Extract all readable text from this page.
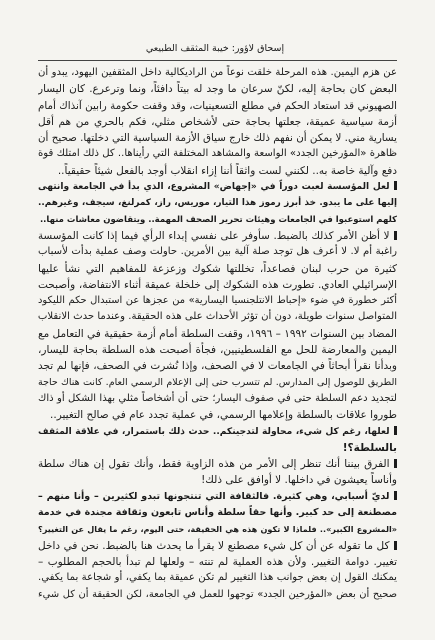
إسحاق لاؤور: خيبة المثقف الطبيعي
عن هزم اليمين. هذه المرحلة خلقت نوعاً من الراديكالية داخل المثقفين اليهود، يبدو أن
البعض كان بحاجة إليه، لكنّ سرعان ما وجد له بيتاً دافئاً، ونما وترعرع. كان اليسار
الصهيوني قد استعاد الحكم في مطلع التسعينيات، وقد وقفت حكومة رابين آنذاك أمام
أزمة سياسية عميقة، جعلتها بحاجة حتى لأشخاص مثلي، فكم بالحري من هم أقل
يسارية مني. لا يمكن أن نفهم ذلك خارج سياق الأزمة السياسية التي دخلتها. صحيح أن
ظاهرة «المؤرخين الجدد» الواسعة والمشاهد المختلفة التي رأيناها.. كل ذلك امتلك قوة
دفع وآلية خاصة به.. لكنني لست واثقاً أننا إزاء انقلاب أوجد بالفعل شيئاً حقيقياً..
لعل المؤسسة لعبت دوراً في «إجهاض» المشروع، الذي بدأ في الجامعة وانتهى
إليها على ما يبدو. خذ أبرز رموز هذا التيار، موريس، راز، كمرلنغ، سيجف، وغيرهم..
كلهم استوعبوا في الجامعات وهيئات تحرير الصحف المهمة.. ويتقاضون معاشات منها..
لا أظن الأمر كذلك بالضبط. سأوفر على نفسي إبداء الرأي فيما إذا كانت المؤسسة
راغبة أم لا. لا أعرف هل توجد صلة آلية بين الأمرين. حاولت وصف عملية بدأت لأسباب
كثيرة من حرب لبنان فصاعداً، تخللتها شكوك وزعزعة للمفاهيم التي نشأ عليها
الإسرائيلي العادي. تطورت هذه الشكوك إلى خلخلة عميقة أثناء الانتفاضة، وأصبحت
أكثر خطورة في ضوء «إحباط الانتلجنسيا اليسارية» من عجزها عن استبدال حكم الليكود
المتواصل سنوات طويلة، دون أن تؤثر الأحداث على هذه الحقيقة. وعندما حدث الانقلاب
المضاد بين السنوات ١٩٩٢ – ١٩٩٦، وقفت السلطة أمام أزمة حقيقية في التعامل مع
اليمين والمعارضة للحل مع الفلسطينيين، فجأة أصبحت هذه السلطة بحاجة لليسار،
وبدأنا نقرأ أبحاثاً في الجامعات لا في الصحف، وإذا نُشرت في الصحف، فإنها لم تجد
الطريق للوصول إلى المدارس. لم تتسرب حتى إلى الإعلام الرسمي العام. كانت هناك حاجة
لتجديد دعم السلطة حتى في صفوف اليسار؛ حتى أن أشخاصاً مثلي بهذا الشكل أو ذاك
طوروا علاقات بالسلطة وإعلامها الرسمي، في عملية تجدد عام في صالح التغيير..
لعلها، رغم كل شيء، محاولة لتدجينكم.. حدث ذلك باستمرار، في علاقة المثقف
بالسلطة؟!
الفرق بيننا أنك تنظر إلى الأمر من هذه الزاوية فقط، وأنك تقول إن هناك سلطة
وأناساً يعيشون في داخلها. لا أوافق على ذلك!
لديّ أسبابي، وهي كثيرة. فالثقافة التي تنتجونها تبدو لكثيرين – وأنا منهم –
مصطنعة إلى حد كبير. وأنها حقاً سلطة وأناس تابعون وثقافة مجندة في خدمة
«المشروع الكبير».. فلماذا لا تكون هذه هي الحقيقة، حتى اليوم، رغم ما يقال عن التغيير؟
كل ما تقوله عن أن كل شيء مصطنع لا يقرأ ما يحدث هنا بالضبط. نحن في داخل
تغيير. دوامة التغيير. ولأن هذه العملية لم تنته – ولعلها لم تبدأ بالحجم المطلوب –
يمكنك القول إن بعض جوانب هذا التغيير لم تكن عميقة بما يكفي، أو شجاعة بما يكفي.
صحيح أن بعض «المؤرخين الجدد» توجهوا للعمل في الجامعة، لكن الحقيقة أن كل شيء
